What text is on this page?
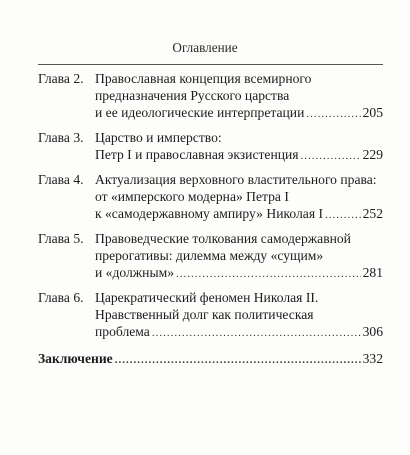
Оглавление
Глава 2. Православная концепция всемирного
предназначения Русского царства
и ее идеологические интерпретации .....	205
Глава 3. Царство и имперство:
Петр I и православная экзистенция .....	229
Глава 4. Актуализация верховного властительного права:
от «имперского модерна» Петра I
к «самодержавному ампиру» Николая I .....	252
Глава 5. Правоведческие толкования самодержавной
прерогативы: дилемма между «сущим»
и «должным» .....	281
Глава 6. Царекратический феномен Николая II.
Нравственный долг как политическая
проблема .....	306
Заключение .....	332
